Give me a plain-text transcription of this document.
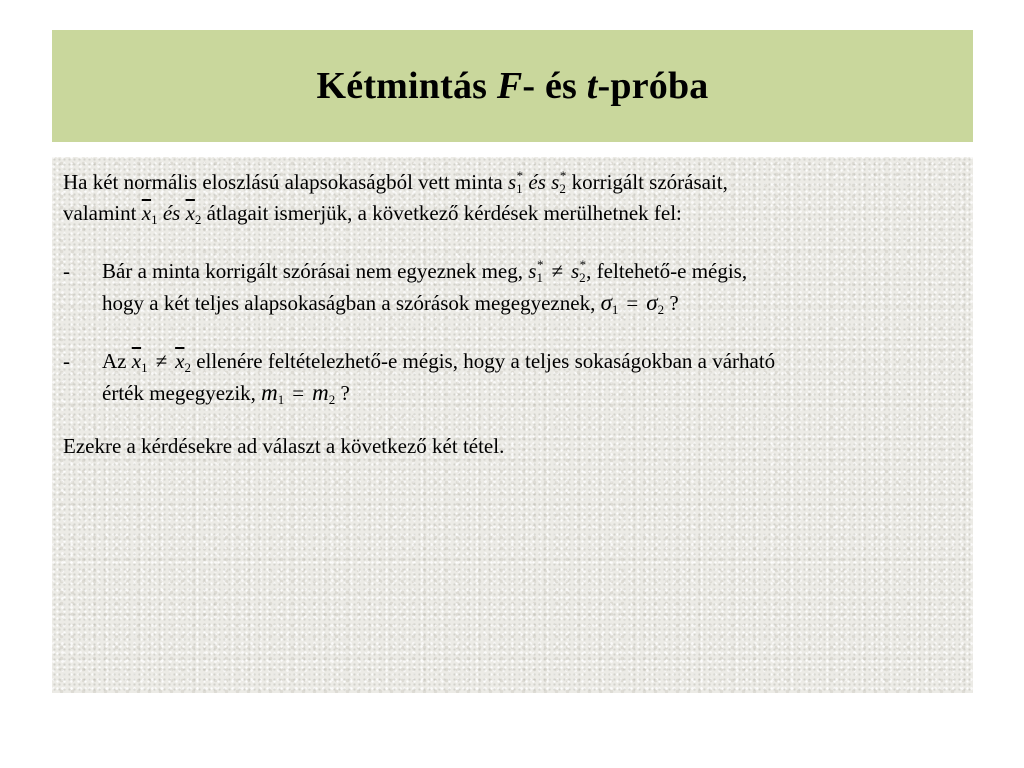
Kétmintás F- és t-próba

Ha két normális eloszlású alapsokaságból vett minta $s_1^*$ és $s_2^*$ korrigált szórásait,
valamint $\overline{x}_1$ és $\overline{x}_2$ átlagait ismerjük, a következő kérdések merülhetnek fel:

- Bár a minta korrigált szórásai nem egyeznek meg, $s_1^* \ne s_2^*$, feltehető-e mégis,
hogy a két teljes alapsokaságban a szórások megegyeznek, $\sigma_1 = \sigma_2$ ?

- Az $\overline{x}_1 \ne \overline{x}_2$ ellenére feltételezhető-e mégis, hogy a teljes sokaságokban a várható
érték megegyezik, $m_1 = m_2$ ?

Ezekre a kérdésekre ad választ a következő két tétel.
